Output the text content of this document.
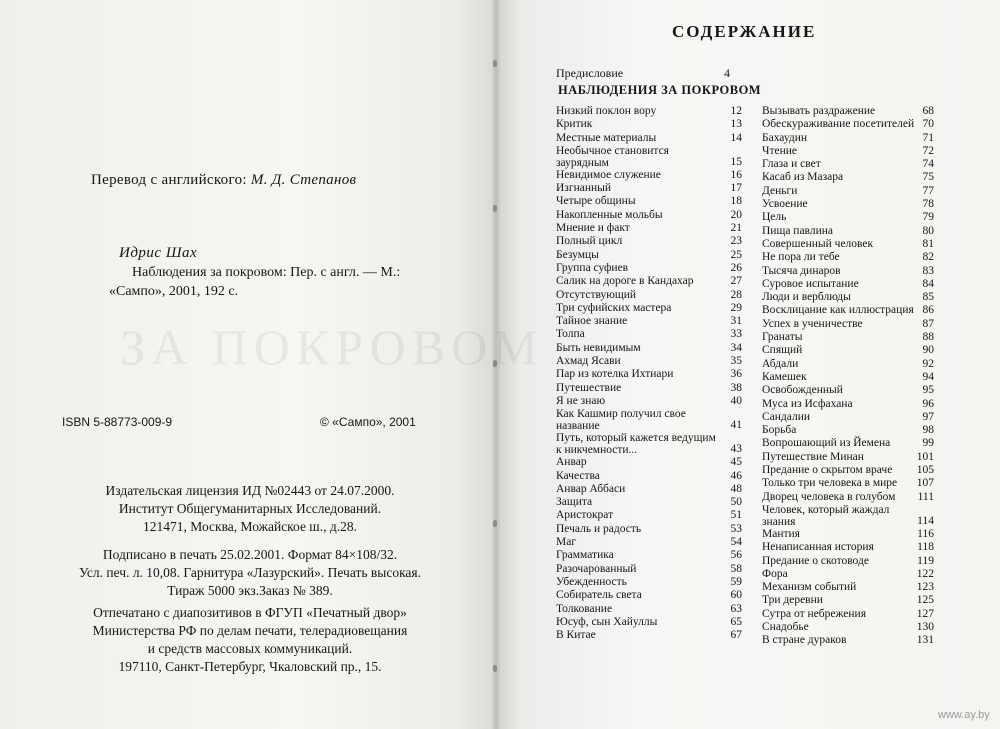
ЗА ПОКРОВОМ
Перевод с английского: М. Д. Степанов
Идрис Шах
Наблюдения за покровом: Пер. с англ. — М.:
«Сампо», 2001, 192 с.
ISBN 5-88773-009-9	© «Сампо», 2001
Издательская лицензия ИД №02443 от 24.07.2000.
Институт Общегуманитарных Исследований.
121471, Москва, Можайское ш., д.28.
Подписано в печать 25.02.2001. Формат 84×108/32.
Усл. печ. л. 10,08. Гарнитура «Лазурский». Печать высокая.
Тираж 5000 экз.Заказ № 389.
Отпечатано с диапозитивов в ФГУП «Печатный двор»
Министерства РФ по делам печати, телерадиовещания
и средств массовых коммуникаций.
197110, Санкт-Петербург, Чкаловский пр., 15.
СОДЕРЖАНИЕ
Предисловие	4
НАБЛЮДЕНИЯ ЗА ПОКРОВОМ
Низкий поклон вору	12
Критик	13
Местные материалы	14
Необычное становится заурядным	15
Невидимое служение	16
Изгнанный	17
Четыре общины	18
Накопленные мольбы	20
Мнение и факт	21
Полный цикл	23
Безумцы	25
Группа суфиев	26
Салик на дороге в Кандахар	27
Отсутствующий	28
Три суфийских мастера	29
Тайное знание	31
Толпа	33
Быть невидимым	34
Ахмад Ясави	35
Пар из котелка Ихтиари	36
Путешествие	38
Я не знаю	40
Как Кашмир получил свое название	41
Путь, который кажется ведущим к никчемности...	43
Анвар	45
Качества	46
Анвар Аббаси	48
Защита	50
Аристократ	51
Печаль и радость	53
Маг	54
Грамматика	56
Разочарованный	58
Убежденность	59
Собиратель света	60
Толкование	63
Юсуф, сын Хайуллы	65
В Китае	67
Вызывать раздражение	68
Обескураживание посетителей 70
Бахаудин	71
Чтение	72
Глаза и свет	74
Касаб из Мазара	75
Деньги	77
Усвоение	78
Цель	79
Пища павлина	80
Совершенный человек	81
Не пора ли тебе	82
Тысяча динаров	83
Суровое испытание	84
Люди и верблюды	85
Восклицание как иллюстрация 86
Успех в ученичестве	87
Гранаты	88
Спящий	90
Абдали	92
Камешек	94
Освобожденный	95
Муса из Исфахана	96
Сандалии	97
Борьба	98
Вопрошающий из Йемена	99
Путешествие Минан	101
Предание о скрытом враче 105
Только три человека в мире 107
Дворец человека в голубом 111
Человек, который жаждал знания	114
Мантия	116
Ненаписанная история	118
Предание о скотоводе	119
Фора	122
Механизм событий	123
Три деревни	125
Сутра от небрежения	127
Снадобье	130
В стране дураков	131
www.ay.by
